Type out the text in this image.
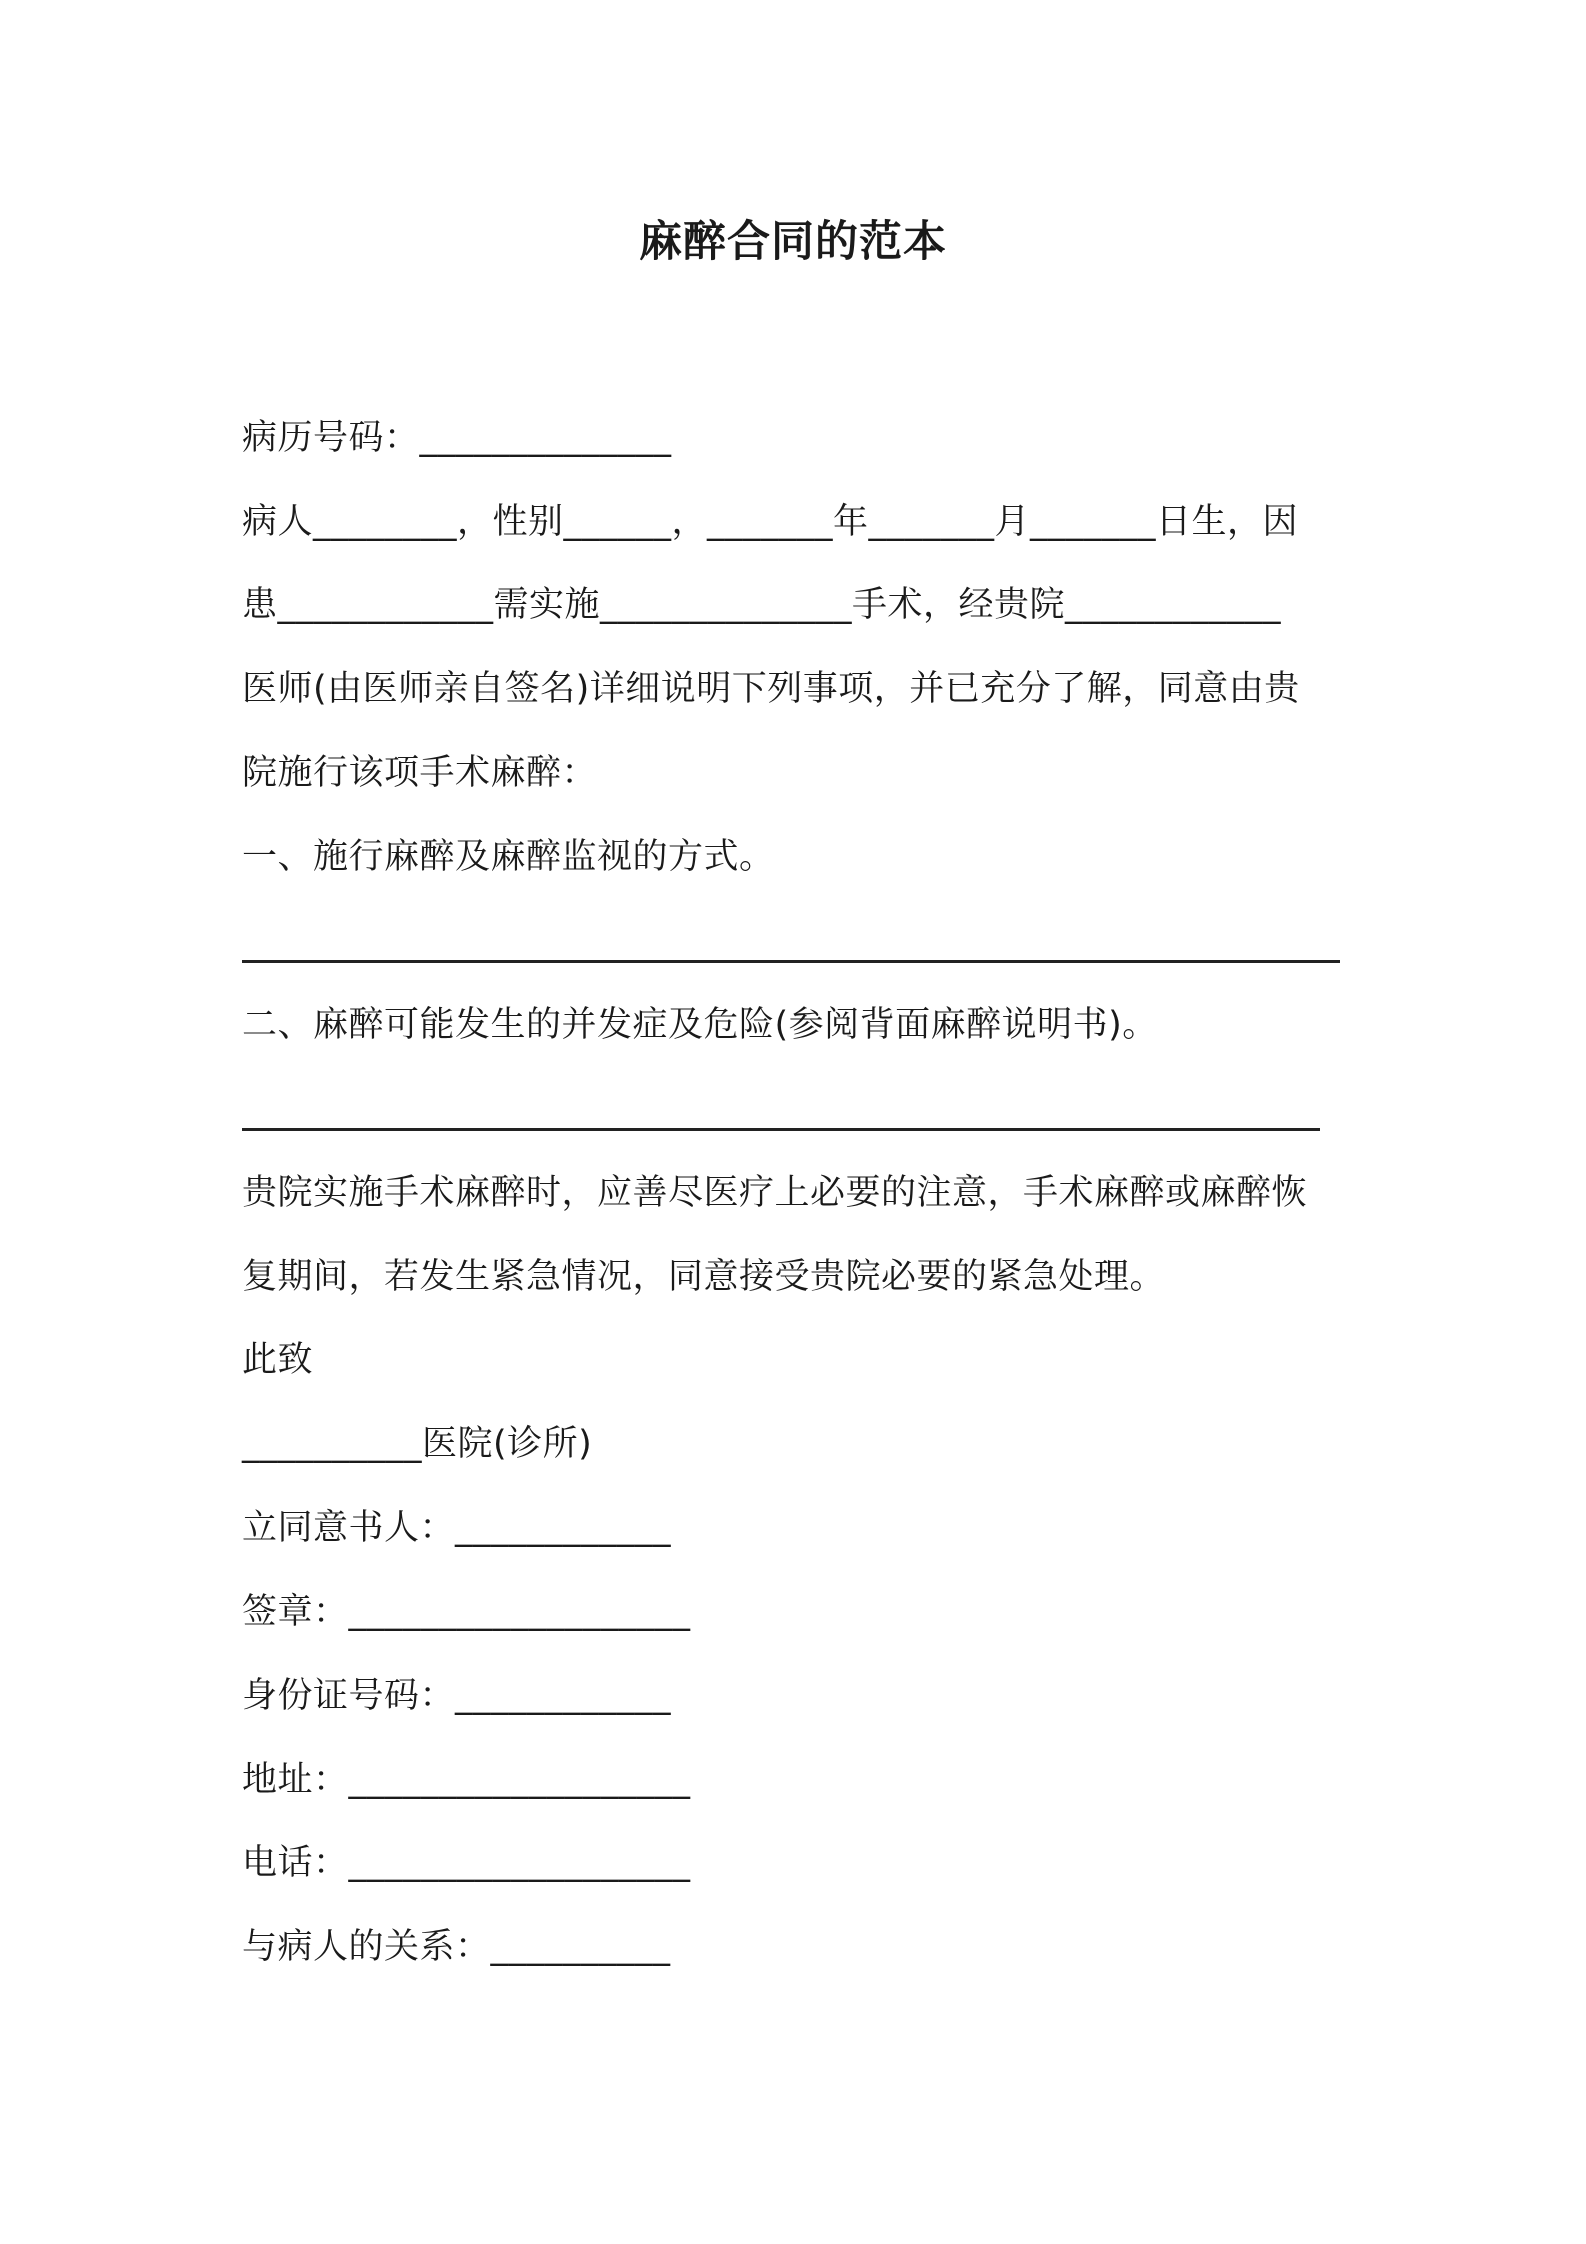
麻醉合同的范本
病历号码：______________
病人________，性别______，_______年_______月_______日生，因
患____________需实施______________手术，经贵院____________
医师(由医师亲自签名)详细说明下列事项，并已充分了解，同意由贵
院施行该项手术麻醉：
一、施行麻醉及麻醉监视的方式。
二、麻醉可能发生的并发症及危险(参阅背面麻醉说明书)。
贵院实施手术麻醉时，应善尽医疗上必要的注意，手术麻醉或麻醉恢
复期间，若发生紧急情况，同意接受贵院必要的紧急处理。
此致
__________医院(诊所)
立同意书人：____________
签章：___________________
身份证号码：____________
地址：___________________
电话：___________________
与病人的关系：__________
